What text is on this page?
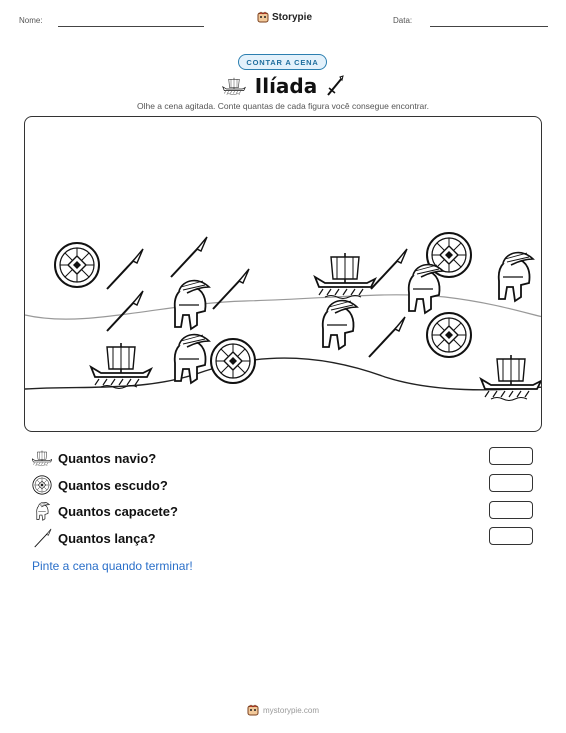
Nome:	Storypie	Data:
CONTAR A CENA
Ilíada
Olhe a cena agitada. Conte quantas de cada figura você consegue encontrar.
Quantos navio?
Quantos escudo?
Quantos capacete?
Quantos lança?
Pinte a cena quando terminar!
mystorypie.com
